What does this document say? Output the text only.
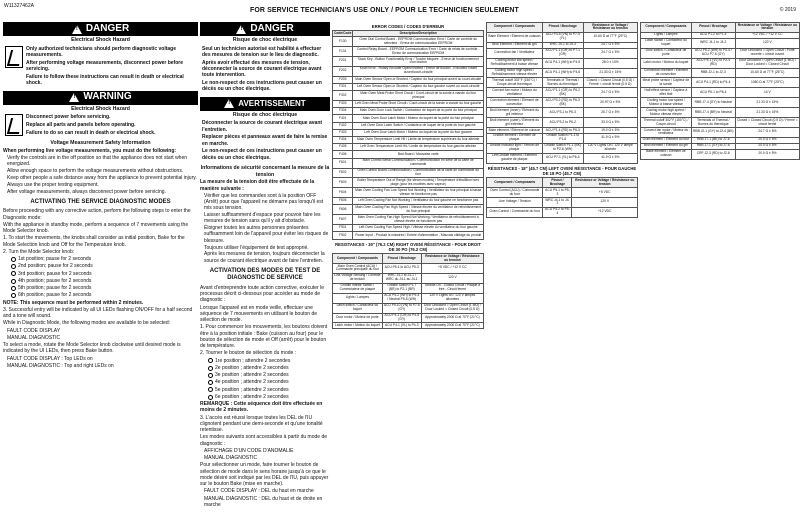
W11327462A
FOR SERVICE TECHNICIAN'S USE ONLY / POUR LE TECHNICIEN SEULEMENT	© 2019
!
DANGER
Electrical Shock Hazard

Only authorized technicians should perform diagnostic voltage measurements.

After performing voltage measurements, disconnect power before servicing.

Failure to follow these instructions can result in death or electrical shock.

!
WARNING
Electrical Shock Hazard

Disconnect power before servicing.

Replace all parts and panels before operating.

Failure to do so can result in death or electrical shock.

Voltage Measurement Safety Information
When performing live voltage measurements, you must do the following:

Verify the controls are in the off position so that the appliance does not start when energized.

Allow enough space to perform the voltage measurements without obstructions.

Keep other people a safe distance away from the appliance to prevent potential injury.

Always use the proper testing equipment.

After voltage measurements, always disconnect power before servicing.

ACTIVATING THE SERVICE DIAGNOSTIC MODES
Before proceeding with any corrective action, perform the following steps to enter the Diagnostic mode:
With the appliance in standby mode, perform a sequence of 7 movements using the Mode Selector knob.
1. To start the movements, the knobs shall consider as initial position, Bake for the Mode Selection knob and Off for the Temperature knob.
2. Turn the Mode Selector knob:
1st position; pause for 2 seconds
2nd position; pause for 2 seconds
3rd position; pause for 2 seconds
4th position; pause for 2 seconds
5th position; pause for 2 seconds
6th position; pause for 2 seconds
NOTE: This sequence must be performed within 2 minutes.
3. Successful entry will be indicated by all UI LEDs flashing ON/OFF for a half second and a tone will sound.
While in Diagnostic Mode, the following modes are available to be selected:
FAULT CODE DISPLAY
MANUAL DIAGNOSTIC
To select a mode, rotate the Mode Selector knob clockwise until desired mode is indicated by the UI LEDs, then press Bake button.
FAULT CODE DISPLAY : Top LEDs on
MANUAL DIAGNOSTIC : Top and right LEDs on
!
DANGER
Risque de choc électrique

Seul un technicien autorisé est habilité à effectuer des mesures de tension sur le lieu de diagnostic.

Après avoir effectué des mesures de tension, déconnecter la source de courant électrique avant toute intervention.

Le non-respect de ces instructions peut causer un décès ou un choc électrique.

!
AVERTISSEMENT
Risque de choc électrique

Déconnecter la source de courant électrique avant l'entretien.

Replacer pièces et panneaux avant de faire la remise en marche.

Le non-respect de ces instructions peut causer un décès ou un choc électrique.

Informations de sécurité concernant la mesure de la tension
La mesure de la tension doit être effectuée de la manière suivante :

Vérifier que les commandes sont à la position OFF (Arrêt) pour que l'appareil ne démarre pas lorsqu'il est mis sous tension.

Laisser suffisamment d'espace pour pouvoir faire les mesures de tension sans qu'il y ait d'obstacle.

Éloigner toutes les autres personnes présentes suffisamment loin de l'appareil pour éviter les risques de blessure.

Toujours utiliser l'équipement de test approprié.

Après les mesures de tension, toujours déconnecter la source de courant électrique avant de faire l'entretien.

ACTIVATION DES MODES DE TEST DE DIAGNOSTIC DE SERVICE
Avant d'entreprendre toute action corrective, exécuter le processus décrit ci-dessous pour accéder au mode de diagnostic :
Lorsque l'appareil est en mode veille, effectuer une séquence de 7 mouvements en utilisant le bouton de sélection de mode.
1. Pour commencer les mouvements, les boutons doivent être à la position initiale : Bake (cuisson au four) pour le bouton de sélection de mode et Off (arrêt) pour le bouton de température.
2. Tourner le bouton de sélection du mode :
1re position ; attendre 2 secondes
2e position ; attendre 2 secondes
3e position ; attendre 2 secondes
4e position ; attendre 2 secondes
5e position ; attendre 2 secondes
6e position ; attendre 2 secondes
REMARQUE : Cette séquence doit être effectuée en moins de 2 minutes.
3. L'accès est réussi lorsque toutes les DEL de l'IU clignotent pendant une demi-seconde et qu'une tonalité retentisse.
Les modes suivants sont accessibles à partir du mode de diagnostic :
AFFICHAGE D'UN CODE D'ANOMALIE
MANUAL DIAGNOSTIC
Pour sélectionner un mode, faire tourner le bouton de sélection de mode dans le sens horaire jusqu'à ce que le mode désiré soit indiqué par les DEL de l'IU, puis appuyer sur le bouton Bake (mise en marche).
FAULT CODE DISPLAY : DEL du haut en marche
MANUAL DIAGNOSTIC : DEL du haut et de droite en marche
ERROR CODES / CODES D'ERREUR
Code/Code	Description/Description
F130	Oven Dial Control Board - EEPROM Communication Error / Carte de contrôle du sélecteur - Erreur de communication EEPROM
F131	Control Relay Board - EEPROM Communication Error / Carte de relais de contrôle - Erreur de communication EEPROM
F201	Stuck Key - Button Functionality Error / Touche bloquée - Erreur de fonctionnement d'un bouton
F202	Knob Error - Rotary Encoder Open/Shorted / Erreur de bouton - Encodeur rotatif ouvert/court-circuité
F203	Main Oven Sensor Open or Shorted / Capteur du four principal ouvert ou court-circuité
F301	Left Oven Sensor Open or Shorted / Capteur du four gauche ouvert ou court-circuité
F302	Main Oven Meat Probe Short Circuit / Court-circuit de la sonde à viande du four principal
F303	Left Oven Meat Probe Short Circuit / Court-circuit de la sonde à viande du four gauche
F304	Main Oven Door Lock Switch / Contacteur de loquet de la porte du four principal
F401	Main Oven Door Latch Motor / Moteur du loquet de la porte du four principal
F402	Left Oven Door Latch Switch / Contacteur de loquet de la porte du four gauche
F403	Left Oven Door Latch Motor / Moteur du loquet de la porte du four gauche
F404	Main Oven Temperature Limit Hit / Limite de température supérieure du four atteinte
F405	Left Oven Temperature Limit Hit / Limite de température du four gauche atteinte
F406	Bad Board / Mauvaise carte
F601	Main Control Serial Communication / Communication en série de la carte de commande
F602	Oven Control Board Communication / Communication de la carte de commande du four
F603	Boiler Temperature Out of Range (for steam models) / Température d'ébullition hors plage (pour les modèles avec vapeur)
F604	Main Oven Cooling Fan Low Speed Not Working / Ventilateur du four principal à basse vitesse ne fonctionne pas
F605	Left Oven Cooling Fan Not Working / Ventilateur du four gauche ne fonctionne pas
F606	Main Oven Cooling Fan High Speed / Vitesse élevée du ventilateur de refroidissement du four principal
F607	Main Oven Cooling Fan High Speed Not Working / Ventilateur de refroidissement à vitesse élevée ne fonctionne pas
F901	Left Oven Cooling Fan Speed High / Vitesse élevée du ventilateur du four gauche
F902	Power Input - Product is miswired / Entrée d'alimentation - Mauvais câblage du produit
RESISTANCES - 30" (76.2 CM) RIGHT OVEN/ RÉSISTANCE - POUR DROIT DE 30 PO (76.2 CM)
Component / Composants	Pinout / Brochage	Resistance or Voltage / Résistance ou tension
Main Oven Control (ACU) / Commande principale du four	ACU P5-1 to ACU P5-3	+5 VDC / +12 V CC
Line Voltage Sensing / Contrôle de tension	WRC J4-1 to J4-1 / WRC du J4-1 au J4-1	120 V
Griddle Infinite Switch / Commutateur de plaque	Griddle Switch P1-7 (BR) to P2-1 (BR)	Griddle On - Closed Circuit / Plaque à frire - Circuit fermé
Lights / Lampes	ACU P5-2 (WH) to P5-4 / Neutral P5-5 (WH)	120 V Lights on / 120 V lampes allumées
Latch switch / Contacteur du loquet	ACU P5-10 (VN) to P7-6 (GY)	Door Unlocked = Open Circuit (1 MΩ) / Door Locked = Closed Circuit (0.5 Ω)
Door motor / Moteur de porte	ACU P4-1 (OR) to P4-5 (GY)	Approximately 2000 Ω at 70°F (21°C)
Latch motor / Moteur du loquet	ACU P4-1 (VL) to P4-3	Approximately 2000 Ω at 70°F (21°C)
Component / Composants	Pinout / Brochage	Resistance or Voltage / Résistance ou tension
Bake Element / Élément de cuisson	ACU P3-5 (VN) to P7-5 (YL)	10-60 Ω at 77°F (25°C)
Broil Element / Élément du gril	WRC J5-1 to J5-3	24.7 Ω ± 5%
Convection fan / Ventilateur	ACU P1-1 (GR) to P7-1 (GR)	24.7 Ω ± 5%
Cooling motor low speed / Refroidissement à basse vitesse	ACU P4-1 (WH) to P4-5	28.0 ± 10%
Cooling motor high speed / Refroidissement vitesse élevée	ACU P4-1 (WH) to P4-6	21.33 Ω ± 15%
Thermal cutoff 302°F (150°C) / Coupe-circuit thermique	Terminals of Thermal / Bornes du thermique	Closed = Closed Circuit (0.5 Ω) / Fermé = circuit fermé (0.5 Ω)
Convect fan motor / Moteur du ventilateur	ACU P1-1 (GR) to P6-2 (BK)	24.7 Ω ± 5%
Convection element / Élément de convection	ACU P3-2 (RD) to P6-3 (BK)	20.97 Ω ± 5%
Broil element (inner) / Élément du gril intérieur	ACU P3-1 to P6-3	26.7 Ω ± 5%
Broil element (outer) / Élément du gril extérieur	ACU P3-2 to P6-2	33.3 Ω ± 5%
Bake element / Élément de cuisson	ACU P1-4 (RD) to P6-3	19.0 Ω ± 5%
Griddle element / Élément de plaque	Griddle Switch P1-1 to P1-6	41.9 Ω ± 5%
Griddle indicator light / Témoin de plaque	Griddle Switch P1-1 (BK) to P2-8 (WH)	120 V Lights On / 120 V lampe allumée
Left Griddle element / Élément gauche de plaque	ACU P7-1 (YL) to P6-3	41.9 Ω ± 5%
RÉSISTANCES - 18" (45.7 CM) LEFT OVEN/ RÉSISTANCE - POUR GAUCHE DE 18 PO (45.7 CM)
Component / Composants	Pinout / Brochage	Resistance or Voltage / Résistance ou tension
Oven Control (ACU) / Commande du four	ACU P5-1 to P5-3	+5 VDC
Line Voltage / Tension	WRC J4-1 to J4-2	120 V
Oven Control / Commande du four	ACU P5-2 to P5-4	+12 VDC
Component / Composants	Pinout / Brochage	Resistance or Voltage / Résistance ou tension
Lights / Lampes	ACU P1-2 to P1-4	+12 VDC / +12 V CC
Latch switch / Contacteur du loquet	WRC J4-1 to J4-2	120 V
Door switch / Contacteur de porte	ACU P5-2 (WH) to P5-4 / ACU P7-6 (GY)	Door Unlocked = Open Circuit / Porte ouverte = circuit ouvert
Latch motor / Moteur du loquet	ACU P5-1 (VL) to P2-4 (RD)	Door Unlocked = Open Circuit (1 MΩ) / Door Locked = Closed Circuit
Convection element / Élément de convection	RBB J2-1 to J2-3	10-60 Ω at 77°F (25°C)
Meat probe sensor / Capteur de la sonde	ACU P4-1 (RD) to P4-4	1080 Ω at 77°F (25°C)
Half effect sensor / Capteur à effet Hall	ACU P6-1 to P6-4	14 V
Cooling motor low speed / Moteur à basse vitesse	RBB J7-4 (GY) to Neutral	21.33 Ω ± 15%
Cooling motor high speed / Moteur vitesse élevée	RBB J7-4 (BR) to Neutral	21.33 Ω ± 15%
Thermal cutoff 302°F (150°C) / Coupe-circuit	Terminals of Thermal / Bornes du thermique	Closed = Closed Circuit (0.5 Ω) / Fermé = circuit fermé
Convect fan motor / Moteur du ventilateur	RBB J2-1 (GY) to J2-4 (BK)	24.7 Ω ± 5%
Oven element / Élément du four	RBB J7-1 (BK) to J7-6	20.0 Ω ± 5%
Broil element / Élément du gril	RBB J7-1 (GY) to J7-6	20.0 Ω ± 5%
Bake element / Élément de cuisson	CRF J2-3 (RD) to J2-6	20.0 Ω ± 5%
